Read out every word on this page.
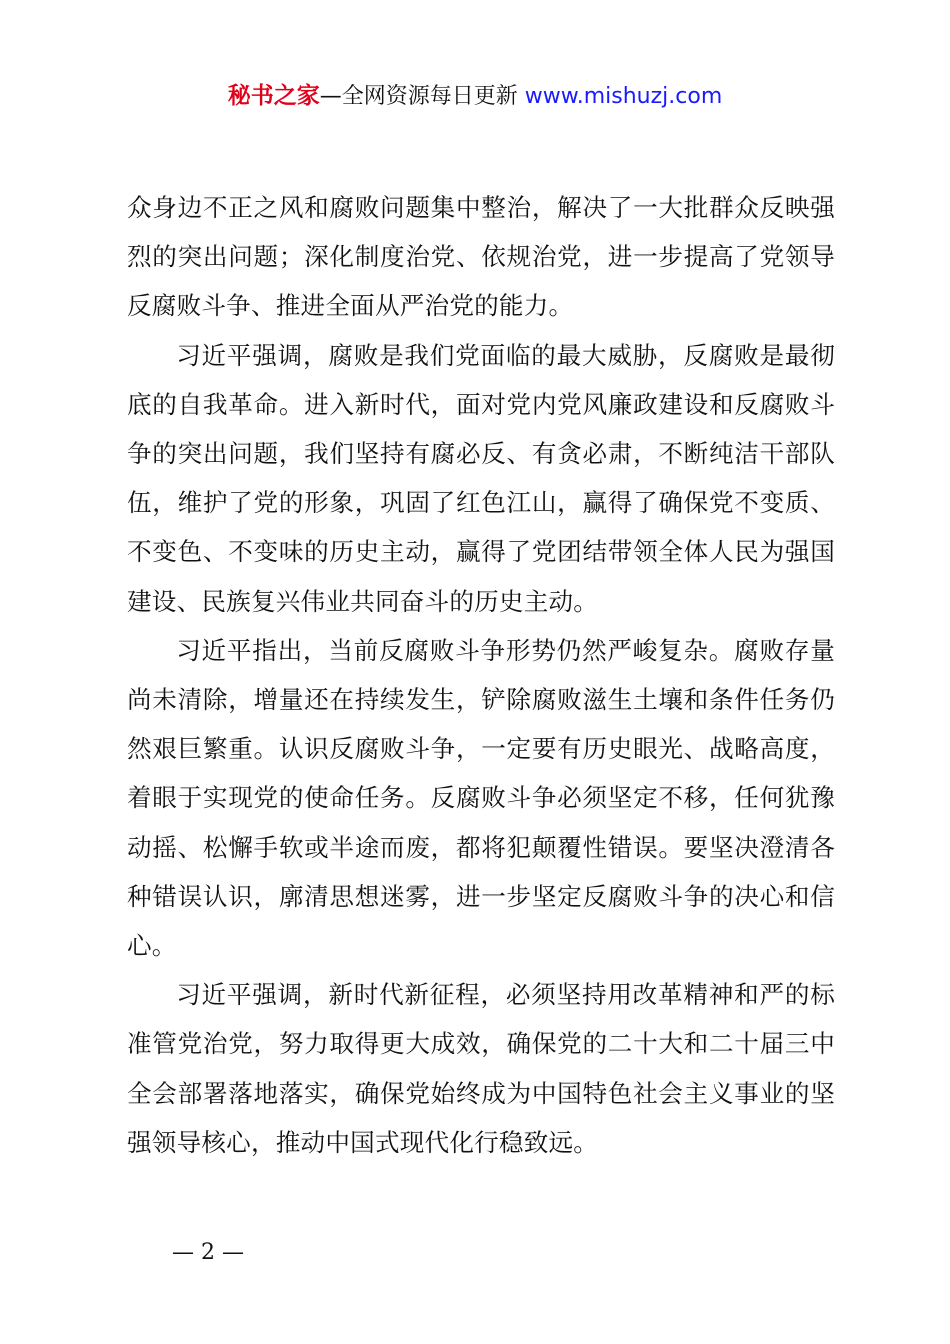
秘书之家—全网资源每日更新 www.mishuzj.com

众身边不正之风和腐败问题集中整治，解决了一大批群众反映强烈的突出问题；深化制度治党、依规治党，进一步提高了党领导反腐败斗争、推进全面从严治党的能力。

习近平强调，腐败是我们党面临的最大威胁，反腐败是最彻底的自我革命。进入新时代，面对党内党风廉政建设和反腐败斗争的突出问题，我们坚持有腐必反、有贪必肃，不断纯洁干部队伍，维护了党的形象，巩固了红色江山，赢得了确保党不变质、不变色、不变味的历史主动，赢得了党团结带领全体人民为强国建设、民族复兴伟业共同奋斗的历史主动。

习近平指出，当前反腐败斗争形势仍然严峻复杂。腐败存量尚未清除，增量还在持续发生，铲除腐败滋生土壤和条件任务仍然艰巨繁重。认识反腐败斗争，一定要有历史眼光、战略高度，着眼于实现党的使命任务。反腐败斗争必须坚定不移，任何犹豫动摇、松懈手软或半途而废，都将犯颠覆性错误。要坚决澄清各种错误认识，廓清思想迷雾，进一步坚定反腐败斗争的决心和信心。

习近平强调，新时代新征程，必须坚持用改革精神和严的标准管党治党，努力取得更大成效，确保党的二十大和二十届三中全会部署落地落实，确保党始终成为中国特色社会主义事业的坚强领导核心，推动中国式现代化行稳致远。

— 2 —
